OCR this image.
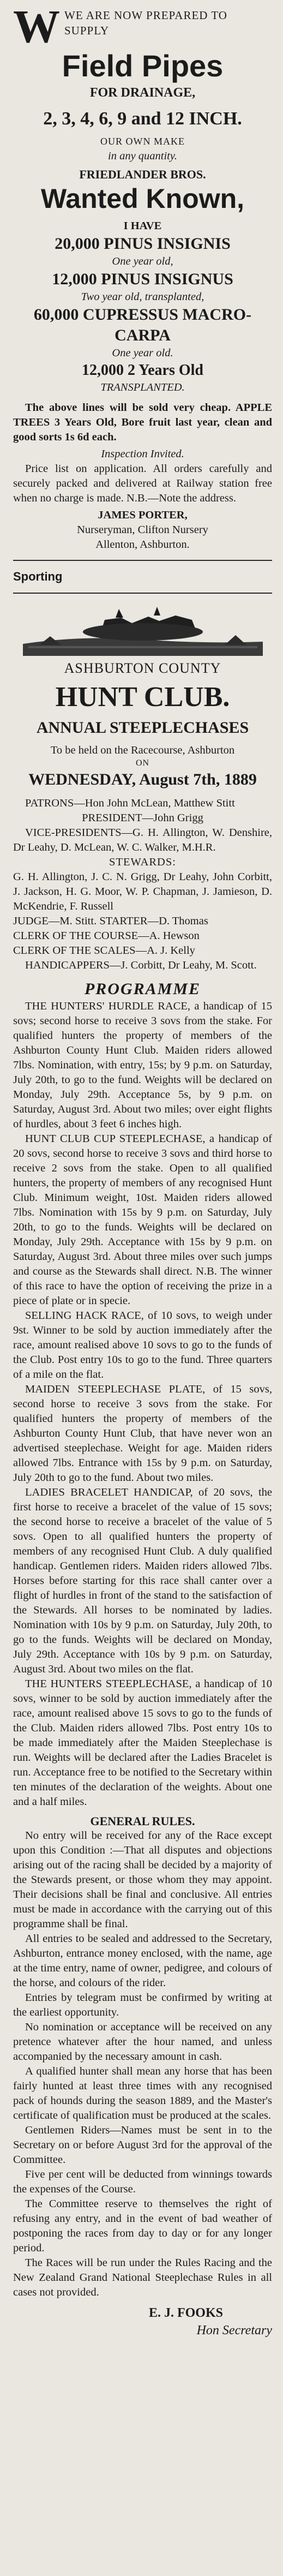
W WE ARE NOW PREPARED TO SUPPLY
Field Pipes
FOR DRAINAGE,
2, 3, 4, 6, 9 and 12 INCH.
OUR OWN MAKE
in any quantity.
FRIEDLANDER BROS.
Wanted Known,
I HAVE
20,000 PINUS INSIGNIS
One year old,
12,000 PINUS INSIGNUS
Two year old, transplanted,
60,000 CUPRESSUS MACRO-
CARPA
One year old.
12,000 2 Years Old
TRANSPLANTED.

The above lines will be sold very cheap. APPLE TREES 3 Years Old, Bore fruit last year, clean and good sorts 1s 6d each.

Inspection Invited.

Price list on application. All orders carefully and securely packed and delivered at Railway station free when no charge is made. N.B.—Note the address.

JAMES PORTER,
Nurseryman, Clifton Nursery
Allenton, Ashburton.
Sporting
ASHBURTON COUNTY
HUNT CLUB.
ANNUAL STEEPLECHASES
To be held on the Racecourse, Ashburton
ON
WEDNESDAY, August 7th, 1889

PATRONS—Hon John McLean, Matthew Stitt

PRESIDENT—John Grigg

VICE-PRESIDENTS—G. H. Allington, W. Denshire, Dr Leahy, D. McLean, W. C. Walker, M.H.R.

STEWARDS:

G. H. Allington, J. C. N. Grigg, Dr Leahy, John Corbitt, J. Jackson, H. G. Moor, W. P. Chapman, J. Jamieson, D. McKendrie, F. Russell

JUDGE—M. Stitt. STARTER—D. Thomas

CLERK OF THE COURSE—A. Hewson

CLERK OF THE SCALES—A. J. Kelly

HANDICAPPERS—J. Corbitt, Dr Leahy, M. Scott.

PROGRAMME

THE HUNTERS' HURDLE RACE, a handicap of 15 sovs; second horse to receive 3 sovs from the stake. For qualified hunters the property of members of the Ashburton County Hunt Club. Maiden riders allowed 7lbs. Nomination, with entry, 15s; by 9 p.m. on Saturday, July 20th, to go to the fund. Weights will be declared on Monday, July 29th. Acceptance 5s, by 9 p.m. on Saturday, August 3rd. About two miles; over eight flights of hurdles, about 3 feet 6 inches high.

HUNT CLUB CUP STEEPLECHASE, a handicap of 20 sovs, second horse to receive 3 sovs and third horse to receive 2 sovs from the stake. Open to all qualified hunters, the property of members of any recognised Hunt Club. Minimum weight, 10st. Maiden riders allowed 7lbs. Nomination with 15s by 9 p.m. on Saturday, July 20th, to go to the funds. Weights will be declared on Monday, July 29th. Acceptance with 15s by 9 p.m. on Saturday, August 3rd. About three miles over such jumps and course as the Stewards shall direct. N.B. The winner of this race to have the option of receiving the prize in a piece of plate or in specie.

SELLING HACK RACE, of 10 sovs, to weigh under 9st. Winner to be sold by auction immediately after the race, amount realised above 10 sovs to go to the funds of the Club. Post entry 10s to go to the fund. Three quarters of a mile on the flat.

MAIDEN STEEPLECHASE PLATE, of 15 sovs, second horse to receive 3 sovs from the stake. For qualified hunters the property of members of the Ashburton County Hunt Club, that have never won an advertised steeplechase. Weight for age. Maiden riders allowed 7lbs. Entrance with 15s by 9 p.m. on Saturday, July 20th to go to the fund. About two miles.

LADIES BRACELET HANDICAP, of 20 sovs, the first horse to receive a bracelet of the value of 15 sovs; the second horse to receive a bracelet of the value of 5 sovs. Open to all qualified hunters the property of members of any recognised Hunt Club. A duly qualified handicap. Gentlemen riders. Maiden riders allowed 7lbs. Horses before starting for this race shall canter over a flight of hurdles in front of the stand to the satisfaction of the Stewards. All horses to be nominated by ladies. Nomination with 10s by 9 p.m. on Saturday, July 20th, to go to the funds. Weights will be declared on Monday, July 29th. Acceptance with 10s by 9 p.m. on Saturday, August 3rd. About two miles on the flat.

THE HUNTERS STEEPLECHASE, a handicap of 10 sovs, winner to be sold by auction immediately after the race, amount realised above 15 sovs to go to the funds of the Club. Maiden riders allowed 7lbs. Post entry 10s to be made immediately after the Maiden Steeplechase is run. Weights will be declared after the Ladies Bracelet is run. Acceptance free to be notified to the Secretary within ten minutes of the declaration of the weights. About one and a half miles.

GENERAL RULES.

No entry will be received for any of the Race except upon this Condition :—That all disputes and objections arising out of the racing shall be decided by a majority of the Stewards present, or those whom they may appoint. Their decisions shall be final and conclusive. All entries must be made in accordance with the carrying out of this programme shall be final.

All entries to be sealed and addressed to the Secretary, Ashburton, entrance money enclosed, with the name, age at the time entry, name of owner, pedigree, and colours of the horse, and colours of the rider.

Entries by telegram must be confirmed by writing at the earliest opportunity.

No nomination or acceptance will be received on any pretence whatever after the hour named, and unless accompanied by the necessary amount in cash.

A qualified hunter shall mean any horse that has been fairly hunted at least three times with any recognised pack of hounds during the season 1889, and the Master's certificate of qualification must be produced at the scales.

Gentlemen Riders—Names must be sent in to the Secretary on or before August 3rd for the approval of the Committee.

Five per cent will be deducted from winnings towards the expenses of the Course.

The Committee reserve to themselves the right of refusing any entry, and in the event of bad weather of postponing the races from day to day or for any longer period.

The Races will be run under the Rules Racing and the New Zealand Grand National Steeplechase Rules in all cases not provided.

E. J. FOOKS
Hon Secretary
